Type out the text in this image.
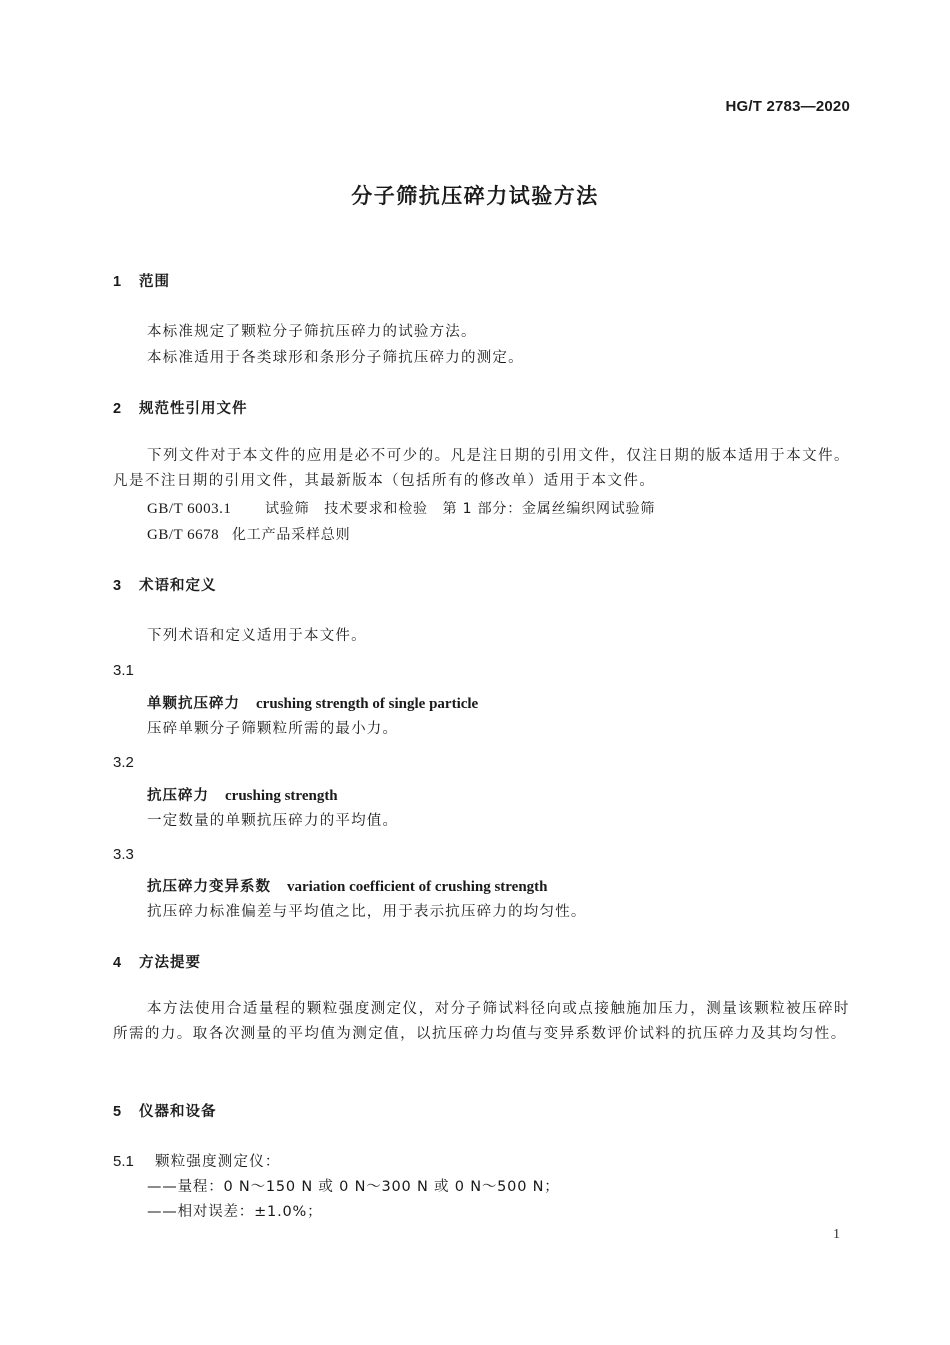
HG/T 2783—2020
分子筛抗压碎力试验方法
1 范围
本标准规定了颗粒分子筛抗压碎力的试验方法。
本标准适用于各类球形和条形分子筛抗压碎力的测定。
2 规范性引用文件
下列文件对于本文件的应用是必不可少的。凡是注日期的引用文件，仅注日期的版本适用于本文件。凡是不注日期的引用文件，其最新版本（包括所有的修改单）适用于本文件。
GB/T 6003.1 试验筛　技术要求和检验　第 1 部分：金属丝编织网试验筛
GB/T 6678 化工产品采样总则
3 术语和定义
下列术语和定义适用于本文件。
3.1
单颗抗压碎力 crushing strength of single particle
压碎单颗分子筛颗粒所需的最小力。
3.2
抗压碎力 crushing strength
一定数量的单颗抗压碎力的平均值。
3.3
抗压碎力变异系数 variation coefficient of crushing strength
抗压碎力标准偏差与平均值之比，用于表示抗压碎力的均匀性。
4 方法提要
本方法使用合适量程的颗粒强度测定仪，对分子筛试料径向或点接触施加压力，测量该颗粒被压碎时所需的力。取各次测量的平均值为测定值，以抗压碎力均值与变异系数评价试料的抗压碎力及其均匀性。
5 仪器和设备
5.1 颗粒强度测定仪：
——量程：0 N～150 N 或 0 N～300 N 或 0 N～500 N；
——相对误差：±1.0%；
1
